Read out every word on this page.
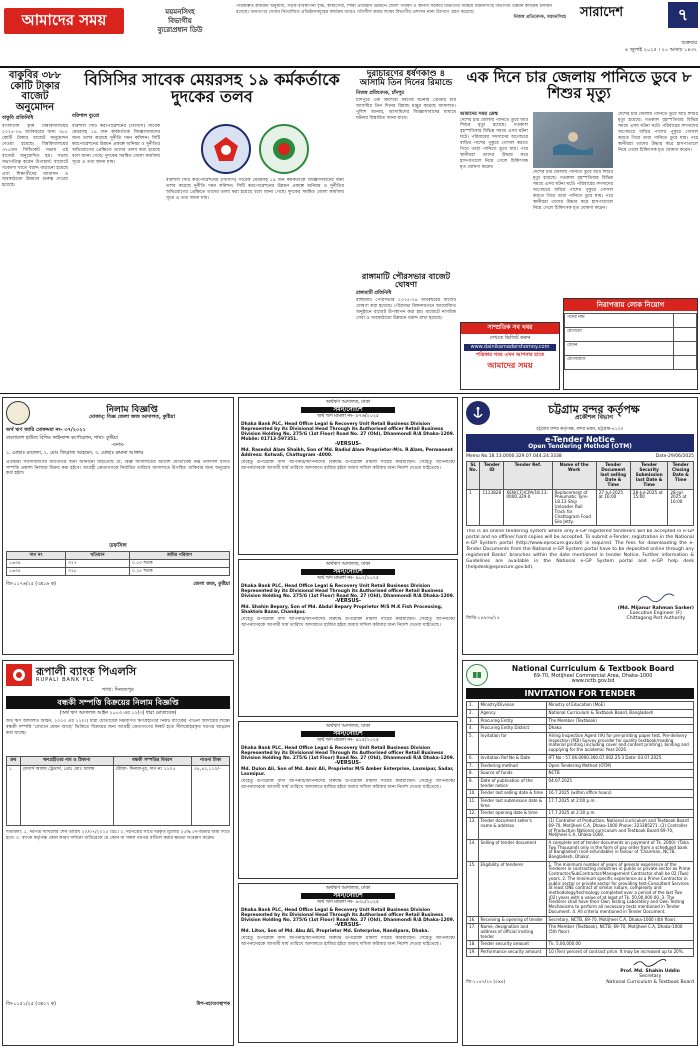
আমাদের সময়	ময়মনসিংহ
বিভাগীয়
ব্যুরোপ্রধান ডিউ
পরিকল্পিত কার্যক্রম অনুযায়ী, সড়ক ব্যবস্থাপনা বৃদ্ধি, স্বাস্থ্যসেবা, শিক্ষা প্রতিষ্ঠান উন্নয়নে জেলা পরিষদ ও স্থানীয় সরকার বিভাগের সমন্বয়ে ময়মনসিংহ বিভাগীয় উন্নয়ন কার্যক্রম চলমান রয়েছে। জনগণের সেবায় নিয়োজিত প্রতিষ্ঠানসমূহের কার্যক্রম আরও গতিশীল করার লক্ষ্যে বিভাগীয় প্রশাসন নানা উদ্যোগ গ্রহণ করেছে।
নিজস্ব প্রতিবেদক, ময়মনসিংহ সারাদেশ	৭
শুক্রবার
৪ জুলাই ২০২৫ । ২০ আষাঢ় ১৪৩২
বাকুবির ৩৮৮ কোটি টাকার বাজেট অনুমোদন
বাকুবি প্রতিনিধি
বাংলাদেশ কৃষি বিশ্ববিদ্যালয়ের ২০২৫-২৬ অর্থবছরের জন্য ৩৮৮ কোটি টাকার বাজেট অনুমোদন দেওয়া হয়েছে। বিশ্ববিদ্যালয়ের ৩৭৫তম সিন্ডিকেট সভায় এই বাজেট অনুমোদিত হয়। সভায় সভাপতিত্ব করেন উপাচার্য। বাজেটে গবেষণা খাতে বরাদ্দ বাড়ানো হয়েছে এবং শিক্ষার্থীদের আবাসন ও অবকাঠামো উন্নয়নে গুরুত্ব দেওয়া হয়েছে।
বিসিসির সাবেক মেয়রসহ ১৯ কর্মকর্তাকে দুদকের তলব
বরিশাল ব্যুরো
বরিশাল সিটি করপোরেশনের (বিসিসি) সাবেক মেয়রসহ ১৯ জন কর্মকর্তাকে জিজ্ঞাসাবাদের জন্য তলব করেছে দুর্নীতি দমন কমিশন। সিটি করপোরেশনের উন্নয়ন প্রকল্পে অনিয়ম ও দুর্নীতির অভিযোগের প্রেক্ষিতে তাদের তলব করা হয়েছে বলে জানা গেছে। দুদকের সমন্বিত জেলা কার্যালয় সূত্রে এ তথ্য জানা যায়।
বরিশাল সিটি করপোরেশনের (বিসিসি) সাবেক মেয়রসহ ১৯ জন কর্মকর্তাকে জিজ্ঞাসাবাদের জন্য তলব করেছে দুর্নীতি দমন কমিশন। সিটি করপোরেশনের উন্নয়ন প্রকল্পে অনিয়ম ও দুর্নীতির অভিযোগের প্রেক্ষিতে তাদের তলব করা হয়েছে বলে জানা গেছে। দুদকের সমন্বিত জেলা কার্যালয় সূত্রে এ তথ্য জানা যায়।
দুরাচারণের ধর্ষণকাণ্ড ৪ আসামি তিন দিনের রিমান্ডে
নিজস্ব প্রতিবেদক, চাঁদপুর
চাঁদপুরে এক কিশোরী ধর্ষণের ঘটনায় গ্রেপ্তার চার আসামির তিন দিনের রিমান্ড মঞ্জুর করেছে আদালত। পুলিশ জানায়, আসামিদের জিজ্ঞাসাবাদের মাধ্যমে ঘটনার বিস্তারিত জানা যাবে।
রাঙ্গামাটি পৌরসভার বাজেট ঘোষণা
রাঙ্গামাটি প্রতিনিধি
রাঙ্গামাটি পৌরসভার ২০২৫-২৬ অর্থবছরের বাজেট ঘোষণা করা হয়েছে। পৌরসভা মিলনায়তনে আয়োজিত অনুষ্ঠানে বাজেট উপস্থাপন করা হয়। বাজেটে নাগরিক সেবা ও অবকাঠামো উন্নয়নে বরাদ্দ রাখা হয়েছে।
এক দিনে চার জেলায় পানিতে ডুবে ৮ শিশুর মৃত্যু
আমাদের সময় ডেস্ক
দেশের চার জেলায় পানিতে ডুবে আট শিশুর মৃত্যু হয়েছে। গতকাল বৃহস্পতিবার বিভিন্ন সময়ে এসব ঘটনা ঘটে। পরিবারের সদস্যদের অগোচরে বাড়ির পাশের পুকুরে গোসল করতে গিয়ে তারা পানিতে ডুবে যায়। পরে স্থানীয়রা তাদের উদ্ধার করে হাসপাতালে নিয়ে গেলে চিকিৎসক মৃত ঘোষণা করেন।
দেশের চার জেলায় পানিতে ডুবে আট শিশুর মৃত্যু হয়েছে। গতকাল বৃহস্পতিবার বিভিন্ন সময়ে এসব ঘটনা ঘটে। পরিবারের সদস্যদের অগোচরে বাড়ির পাশের পুকুরে গোসল করতে গিয়ে তারা পানিতে ডুবে যায়। পরে স্থানীয়রা তাদের উদ্ধার করে হাসপাতালে নিয়ে গেলে চিকিৎসক মৃত ঘোষণা করেন।
দেশের চার জেলায় পানিতে ডুবে আট শিশুর মৃত্যু হয়েছে। গতকাল বৃহস্পতিবার বিভিন্ন সময়ে এসব ঘটনা ঘটে। পরিবারের সদস্যদের অগোচরে বাড়ির পাশের পুকুরে গোসল করতে গিয়ে তারা পানিতে ডুবে যায়। পরে স্থানীয়রা তাদের উদ্ধার করে হাসপাতালে নিয়ে গেলে চিকিৎসক মৃত ঘোষণা করেন।
সাম্প্রতিক সব খবর
দেখতে ভিজিট করুন
www.dainikamadershomoy.com
পত্রিকার খবর এখন আপনার হাতে
আমাদের সময়
নিরাপত্তায় লোক নিয়োগ
পদের নাম	
যোগ্যতা	
বেতন	
যোগাযোগ	
নিলাম বিজ্ঞপ্তি
মোকাম্‌: বিজ্ঞ জেলা জজ আদালত, কুষ্টিয়া
অর্থ ঋণ জারি মোকদ্দমা নং- ৩৭/২০২১
বাংলাদেশ হাউজ বিল্ডিং ফাইন্যান্স কর্পোরেশন, শাখা- কুষ্টিয়া
-বনাম-
১. মোছাঃ মাজেদা, ২. মোঃ ফিরোজ আহমেদ, ৩. মোছাঃ রুমানা আক্তার
এতদ্বারা সর্বসাধারণের অবগতির জন্য জানানো যাইতেছে যে, বিজ্ঞ আদালতের আদেশ মোতাবেক নিম্ন তফসিল বর্ণিত সম্পত্তি প্রকাশ্য নিলামে বিক্রয় করা হইবে। আগ্রহী ক্রেতাগণকে নির্ধারিত তারিখে আদালতে উপস্থিত থাকিবার জন্য অনুরোধ করা হইল।
তফসিল
দাগ নং	খতিয়ান	জমির পরিমাণ
১৬৩৪	৩২৭	০.৫০ শতক
১৬৩৫	৩২৮	০.২৫ শতক
জি-১১৭৬/২৫ (৩x১৬ ক)	জেলা জজ, কুষ্টিয়া
রূপালী ব্যাংক পিএলসি
RUPALI BANK PLC
শাখা: দিনাজপুর
বন্ধকী সম্পত্তি বিক্রয়ের নিলাম বিজ্ঞপ্তি
(অর্থ ঋণ আদালত আইন ২০০৩ এর ১২(৩) ধারা মোতাবেক)
অর্থ ঋণ আদালত আইন, ২০০৩ এর ১২(৩) ধারা মোতাবেক নিম্নবর্ণিত ঋণগ্রহীতার নিকট ব্যাংকের পাওনা আদায়ের লক্ষ্যে বন্ধকী সম্পত্তি 'যেখানে যেমন আছে' ভিত্তিতে বিক্রয়ের জন্য আগ্রহী ক্রেতাগণের নিকট হতে সীলমোহরকৃত দরপত্র আহ্বান করা যাচ্ছে।
ক্রম	ঋণগ্রহীতার নাম ও ঠিকানা	বন্ধকী সম্পত্তির বিবরণ	পাওনা টাকা
১	মেসার্স আলম ট্রেডার্স, প্রোঃ মোঃ আলম	মৌজা- দিনাজপুর, দাগ নং ১২০৫	৩৫,৪২,১১০/-
শর্তাবলী: ১. দরপত্র দাখিলের শেষ তারিখ ২০/০৭/২০২৫ খ্রিঃ। ২. দরপত্রের সাথে দরকৃত মূল্যের ২৫% পে-অর্ডার জমা দিতে হবে। ৩. ব্যাংক কর্তৃপক্ষ কোন কারণ দর্শানো ব্যতিরেকে যে কোন বা সকল দরপত্র বাতিল করার ক্ষমতা সংরক্ষণ করেন।
জি-১১৫১/২৫ (৩x২৭ ক)	উপ-মহাব্যবস্থাপক
অর্থঋণ আদালত, ঢাকা
সমন/নোটিশ
অর্থ ঋণ মামলা নং- ৮৭৬/২০২৫
Dhaka Bank PLC, Head Office Legal & Recovery Unit Retail Business Division Represented by its Divisional Head Through its Authorised officer Retail Business Division Holding No. 275/G (1st Floor) Road No. 27 (Old), Dhanmondi R/A Dhaka-1209. Mobile: 01713-597351.
-VERSUS-
Md. Rasedul Alam Shaikh, Son of Md. Badiul Alam Proprietor-M/s. R Alam, Permanent Address: Kotwali, Chattogram -4000.
যেহেতু উপরোক্ত বাদী আপনার/আপনাদের বিরুদ্ধে উপরোক্ত মামলা দায়ের করিয়াছেন। সেহেতু আপনাকে/আপনাদেরকে আগামী ধার্য তারিখে আদালতে হাজির হইয়া জবাব দাখিল করিবার জন্য নির্দেশ দেওয়া যাইতেছে।
অর্থঋণ আদালত, ঢাকা
সমন/নোটিশ
অর্থ ঋণ মামলা নং- ৯০২/২০২৫
Dhaka Bank PLC, Head Office Legal & Recovery Unit Retail Business Division Represented by its Divisional Head Through its Authorised officer Retail Business Division Holding No. 275/G (1st Floor) Road No. 27 (Old), Dhanmondi R/A Dhaka-1209.
-VERSUS-
Md. Shahin Bepary, Son of Md. Abdul Bepary Proprietor M/S M.K Fish Processing, Shaktola Bazar, Chandpur.
যেহেতু উপরোক্ত বাদী আপনার/আপনাদের বিরুদ্ধে উপরোক্ত মামলা দায়ের করিয়াছেন। সেহেতু আপনাকে/আপনাদেরকে আগামী ধার্য তারিখে আদালতে হাজির হইয়া জবাব দাখিল করিবার জন্য নির্দেশ দেওয়া যাইতেছে।
অর্থঋণ আদালত, ঢাকা
সমন/নোটিশ
অর্থ ঋণ মামলা নং- ৯১৫/২০২৫
Dhaka Bank PLC, Head Office Legal & Recovery Unit Retail Business Division Represented by its Divisional Head Through its Authorised officer Retail Business Division Holding No. 275/G (1st Floor) Road No. 27 (Old), Dhanmondi R/A Dhaka-1209.
-VERSUS-
Md. Dulon Ali, Son of Md. Amir Ali, Proprietor M/S Amber Enterprise, Laxmipur, Sadar, Laxmipur.
যেহেতু উপরোক্ত বাদী আপনার/আপনাদের বিরুদ্ধে উপরোক্ত মামলা দায়ের করিয়াছেন। সেহেতু আপনাকে/আপনাদেরকে আগামী ধার্য তারিখে আদালতে হাজির হইয়া জবাব দাখিল করিবার জন্য নির্দেশ দেওয়া যাইতেছে।
অর্থঋণ আদালত, ঢাকা
সমন/নোটিশ
অর্থ ঋণ মামলা নং- ৯৩০/২০২৫
Dhaka Bank PLC, Head Office Legal & Recovery Unit Retail Business Division Represented by its Divisional Head Through its Authorised officer Retail Business Division Holding No. 275/G (1st Floor) Road No. 27 (Old), Dhanmondi R/A Dhaka-1209.
-VERSUS-
Md. Liton, Son of Md. Abu Ali, Proprietor Md. Enterprise, Nandipara, Dhaka.
যেহেতু উপরোক্ত বাদী আপনার/আপনাদের বিরুদ্ধে উপরোক্ত মামলা দায়ের করিয়াছেন। সেহেতু আপনাকে/আপনাদেরকে আগামী ধার্য তারিখে আদালতে হাজির হইয়া জবাব দাখিল করিবার জন্য নির্দেশ দেওয়া যাইতেছে।
চট্টগ্রাম বন্দর কর্তৃপক্ষ
প্রকৌশল বিভাগ
চট্টগ্রাম বন্দর কর্তৃপক্ষ, বন্দর ভবন, চট্টগ্রাম-৪১০০
e-Tender Notice
Open Tendering Method (OTM)
Memo No.18.13.0000.329.07.044.24.3338	Date-29/06/2025
SL No.	Tender ID	Tender Ref.	Name of the Work	Tender Document last selling Date & Time	Tender Security Submission last Date & Time	Tender Closing Date & Time
1	1113828	XEN(CF)/CPA/18.13. 0000.329.0	Replacement of Pneumatic Tyre-18.13 Ship Unloader Rail Track for Chattogram Food Silo Jetty.	27-Jul-2025 at 16:00	28-Jul-2025 at 15:00	28-Jul-2025 at 16:00
This is an online tendering system where only e-GP registered tenderers will be accepted in e-GP portal and no offline/ hard copies will be accepted. To submit e-Tender, registration in the National e-GP System portal (http://www.eprocure.gov.bd) is required. The fees for downloading the e-Tender Documents from the National e-GP System portal have to be deposited online through any registered Banks' branches within the date mentioned in tender Notice. Further information & Guidelines are available in the National e-GP System portal and e-GP help desk (helpdesk@eprocure.gov.bd).
জিডি-১৪৯৩৬/২৫
(Md. Mijanur Rahman Sarker)
Executive Engineer (F)
Chittagong Port Authority
National Curriculum & Textbook Board
69-70, Motijheel Commercial Area, Dhaka-1000
www.nctb.gov.bd
INVITATION FOR TENDER
1.	Ministry/Division	Ministry of Education (MoE)
2.	Agency	National Curriculum & Textbook Board, Bangladesh
3.	Procuring Entity	The Member (Textbook)
4.	Procuring Entity District	Dhaka
5.	Invitation for	Hiring Inspection Agent (IA) for pre-printing paper test, Pre-delivery Inspection (PDI) Survey provider for quality textbook/reading material printing (including cover and content printing), binding and supplying for the academic Year-2026.
6.	Invitation Ref No & Date	IFT No : 57.06.0000.300.07.002.25-3 Date: 03.07.2025
7.	Tendering method	Open Tendering Method (OTM)
8.	Source of funds	NCTB
9.	Date of publication of the tender notice	04.07.2025
10.	Tender last selling date & time	16.7.2025 (within office hours)
11.	Tender last submission date & time	17.7.2025 at 2:00 p.m.
12.	Tender opening date & time	17.7.2025 at 2:30 p.m.
13.	Tender document seller's name & address	(1) Controller of Production, National curriculum and Textbook Board 69-70, Motijheel C.A, Dhaka-1000 Phone: 223385271. (2) Controller of Production National curriculum and Textbook Board 69-70, Motijheel C.A, Dhaka-1000.
14.	Selling of tender document	A complete set of tender documents on payment of Tk. 2000/- (Taka Two Thousand) only in the form of pay order from a scheduled bank of Bangladesh (non-refundable) in favour of 'Chairman, NCTB, Bangladesh, Dhaka'.
15.	Eligibility of tenderer	1. The minimum number of years of general experience of the Tenderer in contracting industries in public or private sector as Prime Contractor/SubContractor/Management Contractor shall be 02 (Two) years. 2. The minimum specific experience as a Prime Contractor in public sector or private sector for providing test-Consultant Services at least ONE contract of similar nature, complexity and methodology/technology completed over a period of the last Two (02) years with a value of at least of Tk. 50,00,000.00. 3. The Tenderer shall have their Own Testing Laboratory and Own Testing Mechanisms to perform all necessary tests mentioned in Tender Document. 4. All criteria mentioned in Tender Document.
16.	Receiving & opening of tender	Secretary, NCTB, 69-70, Motijheel C.A, Dhaka-1000 (4th floor).
17.	Name, designation and address of official inviting tender	The Member (Textbook), NCTB, 69-70, Motijheel C.A, Dhaka-1000 (5th floor).
18.	Tender security amount	Tk. 5,00,000.00
19.	Performance security amount	10 (Ten) percent of contract price. It may be increased up to 20%.
জি-১১৪৭/২৫ (৫x৪)
Prof. Md. Shahin Uddin
Secretary
National Curriculum & Textbook Board
